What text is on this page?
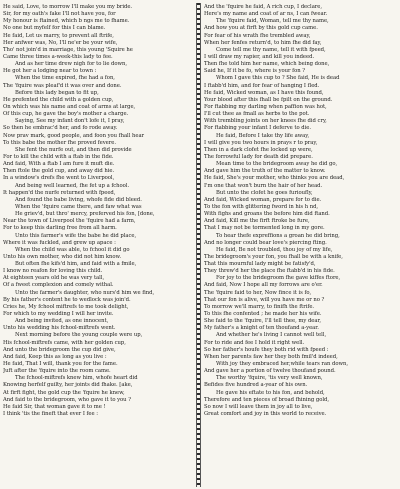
He said, Love, to morrow I'll make you my bride.
Sir, for my oath's fake I'll not have you, for
My honour is ftained, which b ngs me to fhame.
No one but myfelf for this I can blame.
He faid, Let us marry, to prevent all ftrife,
Her anfwer was, No, I'll ne'er be your wife,
Tho' not join'd in marriage, this young 'Squire he
Came three times a-week-this lady to fee.
And as her time drew nigh for to lie down,
He got her a lodging near to town :
When the time expired, fhe had a fon,
The 'fquire was pleaf'd it was over and done.
Before this lady began to fit up,
He prefented the child with a golden cup,
On which was his name and coat of arms at large,
Of this cup, he gave the boy's mother a charge.
Saying, See my infant don't lofe it, I pray,
So then he embrac'd her, and fo rode away.
Now prav mark, good people, and foon you fhall hear
To this babe the mother fhe proved fevere.
She fent the nurfe out, and then did provide
For to kill the child with a ftab in the fide.
And faid, With a ftab I am fure it muft die.
Then ftole the gold cup, and away did hie.
In a window's drefs fhe went to Liverpool,
And being well learned, fhe fet up a fchool.
It happen'd the nurfe returned with fpeed,
And found the babe living, whofe fide did bleed.
When the 'fquire came there, and faw what was
He griev'd, but thro' mercy, preferved his fon, [done,
Near the town of Liverpool the 'fquire had a farm,
For to keep this darling free from all harm.
Unto this farmer's wife the babe he did place,
Where it was fuckled, and grew up apace :
When the child was able, to fchool it did go
Unto his own mother, who did not him know.
But often fhe kifs'd him, and faid with a fmile,
I know no reafon for loving this child.
At eighteen years old he was very tall,
Of a fweet complexion and comely withal.
Unto the farmer's daughter, who nurs'd him we find,
By his father's content he to wedlock was join'd.
Cries he, My fchool miftrefs to me took delight,
For which to my wedding I will her invite.
And being invited, as one innocent,
Unto his wedding his fchool-miftrefs went.
Next morning before the young couple were up,
His fchool-miftrefs came, with her golden cup,
And unto the bridegroom the cup did give,
And faid, Keep this as long as you live :
He faid, That I will, thank you for the fame.
Juft after the 'fquire into the room came.
The fchool-miftrefs knew him, whofe heart did
Knowing herfelf guilty, her joints did fhake. [ake,
At firft fight, the gold cup the 'fquire he knew,
And faid to the bridegroom, who gave it to you ?
He faid Sir, that woman gave it to me !
I think 'tis the fineft that ever I fee :
And the 'fquire he faid, A rich cup, I declare,
Here's my name and coat of ar ns, I can fwear.
The 'fquire faid, Woman, tell me thy name,
And how you at firft by this gold cup came.
For fear of his wrath fhe trembled away,
When her fenfes return'd, to him fhe did fay,
Come tell me thy name, tell it with fpeed,
I will draw my rapier, and kill you indeed.
Then fhe told him her name, which being done,
Said he, If it be fo, where is your fon ?
Whom I gave this cup to ? She faid, He is dead
I ftabb'd him, and for fear of hanging I fled.
He faid, Wicked woman, as I have this found,
Your blood after this fhall be fpilt on the ground.
For ftabbing my darling when paffion was hot,
I'll cut thee as fmall as herbs to the pot.
With trembling joints on her knees fhe did cry,
For ftabbing your infant I deferve to die.
He faid, Before I take thy life away,
I will give you two hours in prays r to pray,
Then in a dark clofet fhe locked up were,
The forrowful lady for death did prepare.
Mean time to the bridegroom away he did go,
And gave him the truth of the matter to know.
He faid, She's your mother, who thinks you are dead,
I'm one that won't burn the hair of her head.
But unto the clofet he goes furioufly,
And faid, Wicked woman, prepare for to die.
To the fon with glittering fword in his h nd,
With fighs and groans the before him did ftand.
And faid, Kill me the firft ftroke be fure,
That I may not be tormented long in my gore.
To hear thefe expreffions a groan he did bring,
And no longer could bear love's piercing fting.
He faid, Be not troubled, thou joy of my life,
The bridegroom's your fon, you fhall be with a knife,
That this mournful lady might be fatisfy'd,
They threw'd her the place fhe ftabb'd in his fide.
For joy to the bridegroom fhe gave kiffes ftore,
And faid, Now I hope all my forrows are o'er.
The 'fquire faid to her, Now fince it is fo,
That our fon is alive, will you have me or no ?
To morrow we'll marry, to finifh the ftrife.
To this fhe confented ; he made her his wife.
She faid to the 'fquire, I'll tell thee, my dear,
My father's a knight of ten thoufand a-year.
And whether he's living I cannot well tell,
For to ride and fee I hold it right well.
So her father's houfe they both rid with fpeed :
When her parents faw her they both fmil'd indeed,
With joy they embraced her,while tears ran down,
And gave her a portion of twelve thoufand pound.
The worthy 'fquire, 'tis very well known,
Befides five hundred a-year of his own.
He gave his eftate to his fon, and behold,
Therefore and ten pieces of broad fhining gold,
So now I will leave them in joy all to live,
Great comfort and joy in this world to receive.
